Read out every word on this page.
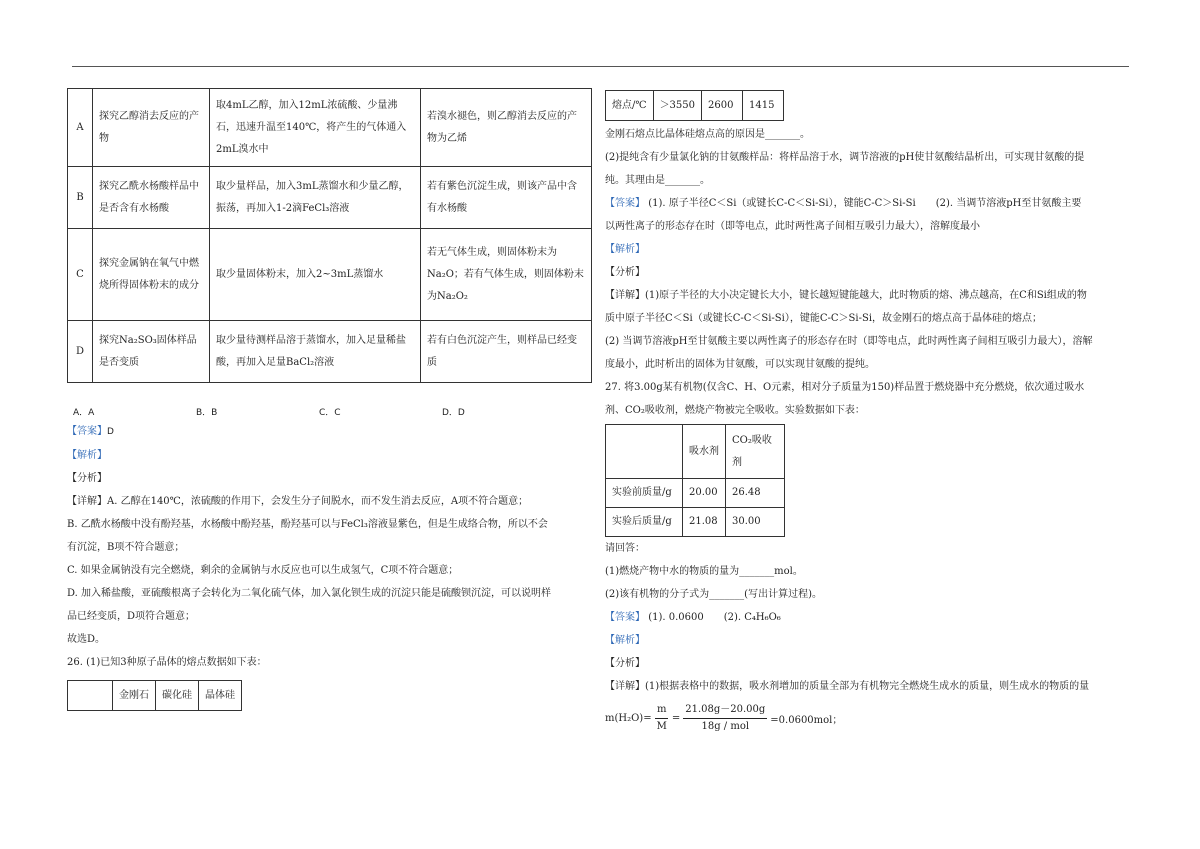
A	探究乙醇消去反应的产物	取4mL乙醇，加入12mL浓硫酸、少量沸石，迅速升温至140℃，将产生的气体通入2mL溴水中	若溴水褪色，则乙醇消去反应的产物为乙烯
B	探究乙酰水杨酸样品中是否含有水杨酸	取少量样品，加入3mL蒸馏水和少量乙醇，振荡，再加入1-2滴FeCl₃溶液	若有紫色沉淀生成，则该产品中含有水杨酸
C	探究金属钠在氧气中燃烧所得固体粉末的成分	取少量固体粉末，加入2~3mL蒸馏水	若无气体生成，则固体粉末为Na₂O；若有气体生成，则固体粉末为Na₂O₂
D	探究Na₂SO₃固体样品是否变质	取少量待测样品溶于蒸馏水，加入足量稀盐酸，再加入足量BaCl₂溶液	若有白色沉淀产生，则样品已经变质
A．A	B．B	C．C	D．D

【答案】D

【解析】

【分析】

【详解】A. 乙醇在140℃，浓硫酸的作用下，会发生分子间脱水，而不发生消去反应，A项不符合题意；

B. 乙酰水杨酸中没有酚羟基，水杨酸中酚羟基，酚羟基可以与FeCl₃溶液显紫色，但是生成络合物，所以不会

有沉淀，B项不符合题意；

C. 如果金属钠没有完全燃烧，剩余的金属钠与水反应也可以生成氢气，C项不符合题意；

D. 加入稀盐酸，亚硫酸根离子会转化为二氧化硫气体，加入氯化钡生成的沉淀只能是硫酸钡沉淀，可以说明样

品已经变质，D项符合题意；

故选D。

26. (1)已知3种原子晶体的熔点数据如下表：

	金刚石	碳化硅	晶体硅
熔点/℃	＞3550	2600	1415

金刚石熔点比晶体硅熔点高的原因是_______。

(2)提纯含有少量氯化钠的甘氨酸样品：将样品溶于水，调节溶液的pH使甘氨酸结晶析出，可实现甘氨酸的提

纯。其理由是_______。

【答案】 (1). 原子半径C＜Si（或键长C-C＜Si-Si），键能C-C＞Si-Si　　(2). 当调节溶液pH至甘氨酸主要

以两性离子的形态存在时（即等电点，此时两性离子间相互吸引力最大），溶解度最小

【解析】

【分析】

【详解】(1)原子半径的大小决定键长大小，键长越短键能越大，此时物质的熔、沸点越高，在C和Si组成的物

质中原子半径C＜Si（或键长C-C＜Si-Si），键能C-C＞Si-Si，故金刚石的熔点高于晶体硅的熔点；

(2) 当调节溶液pH至甘氨酸主要以两性离子的形态存在时（即等电点，此时两性离子间相互吸引力最大），溶解

度最小，此时析出的固体为甘氨酸，可以实现甘氨酸的提纯。

27. 将3.00g某有机物(仅含C、H、O元素，相对分子质量为150)样品置于燃烧器中充分燃烧，依次通过吸水

剂、CO₂吸收剂，燃烧产物被完全吸收。实验数据如下表：

	吸水剂	CO₂吸收剂
实验前质量/g	20.00	26.48
实验后质量/g	21.08	30.00

请回答：

(1)燃烧产物中水的物质的量为_______mol。

(2)该有机物的分子式为_______(写出计算过程)。

【答案】 (1). 0.0600　　(2). C₄H₆O₆

【解析】

【分析】

【详解】(1)根据表格中的数据，吸水剂增加的质量全部为有机物完全燃烧生成水的质量，则生成水的物质的量

$m(H_2O)= \frac{m}{M} = \frac{21.08g-20.00g}{\text{18g / mol}} =0.0600mol$；
